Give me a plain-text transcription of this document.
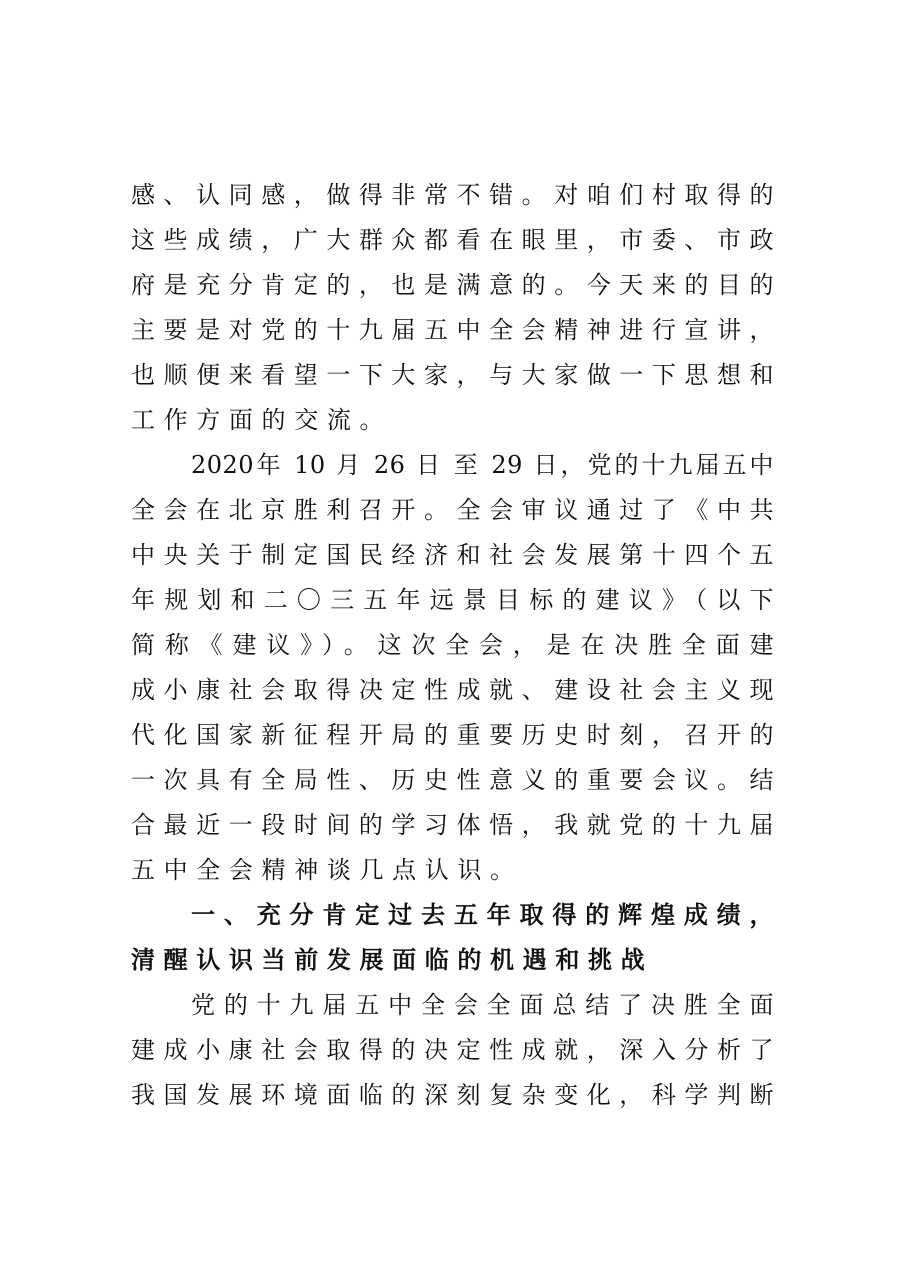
感、认同感，做得非常不错。对咱们村取得的
这些成绩，广大群众都看在眼里，市委、市政
府是充分肯定的，也是满意的。今天来的目的
主要是对党的十九届五中全会精神进行宣讲，
也顺便来看望一下大家，与大家做一下思想和
工作方面的交流。
2020年 10 月 26 日 至 29 日，党的十九届五中
全会在北京胜利召开。全会审议通过了《中共
中央关于制定国民经济和社会发展第十四个五
年规划和二〇三五年远景目标的建议》（以下
简称《建议》）。这次全会，是在决胜全面建
成小康社会取得决定性成就、建设社会主义现
代化国家新征程开局的重要历史时刻，召开的
一次具有全局性、历史性意义的重要会议。结
合最近一段时间的学习体悟，我就党的十九届
五中全会精神谈几点认识。
一、充分肯定过去五年取得的辉煌成绩，
清醒认识当前发展面临的机遇和挑战
党的十九届五中全会全面总结了决胜全面
建成小康社会取得的决定性成就，深入分析了
我国发展环境面临的深刻复杂变化，科学判断
